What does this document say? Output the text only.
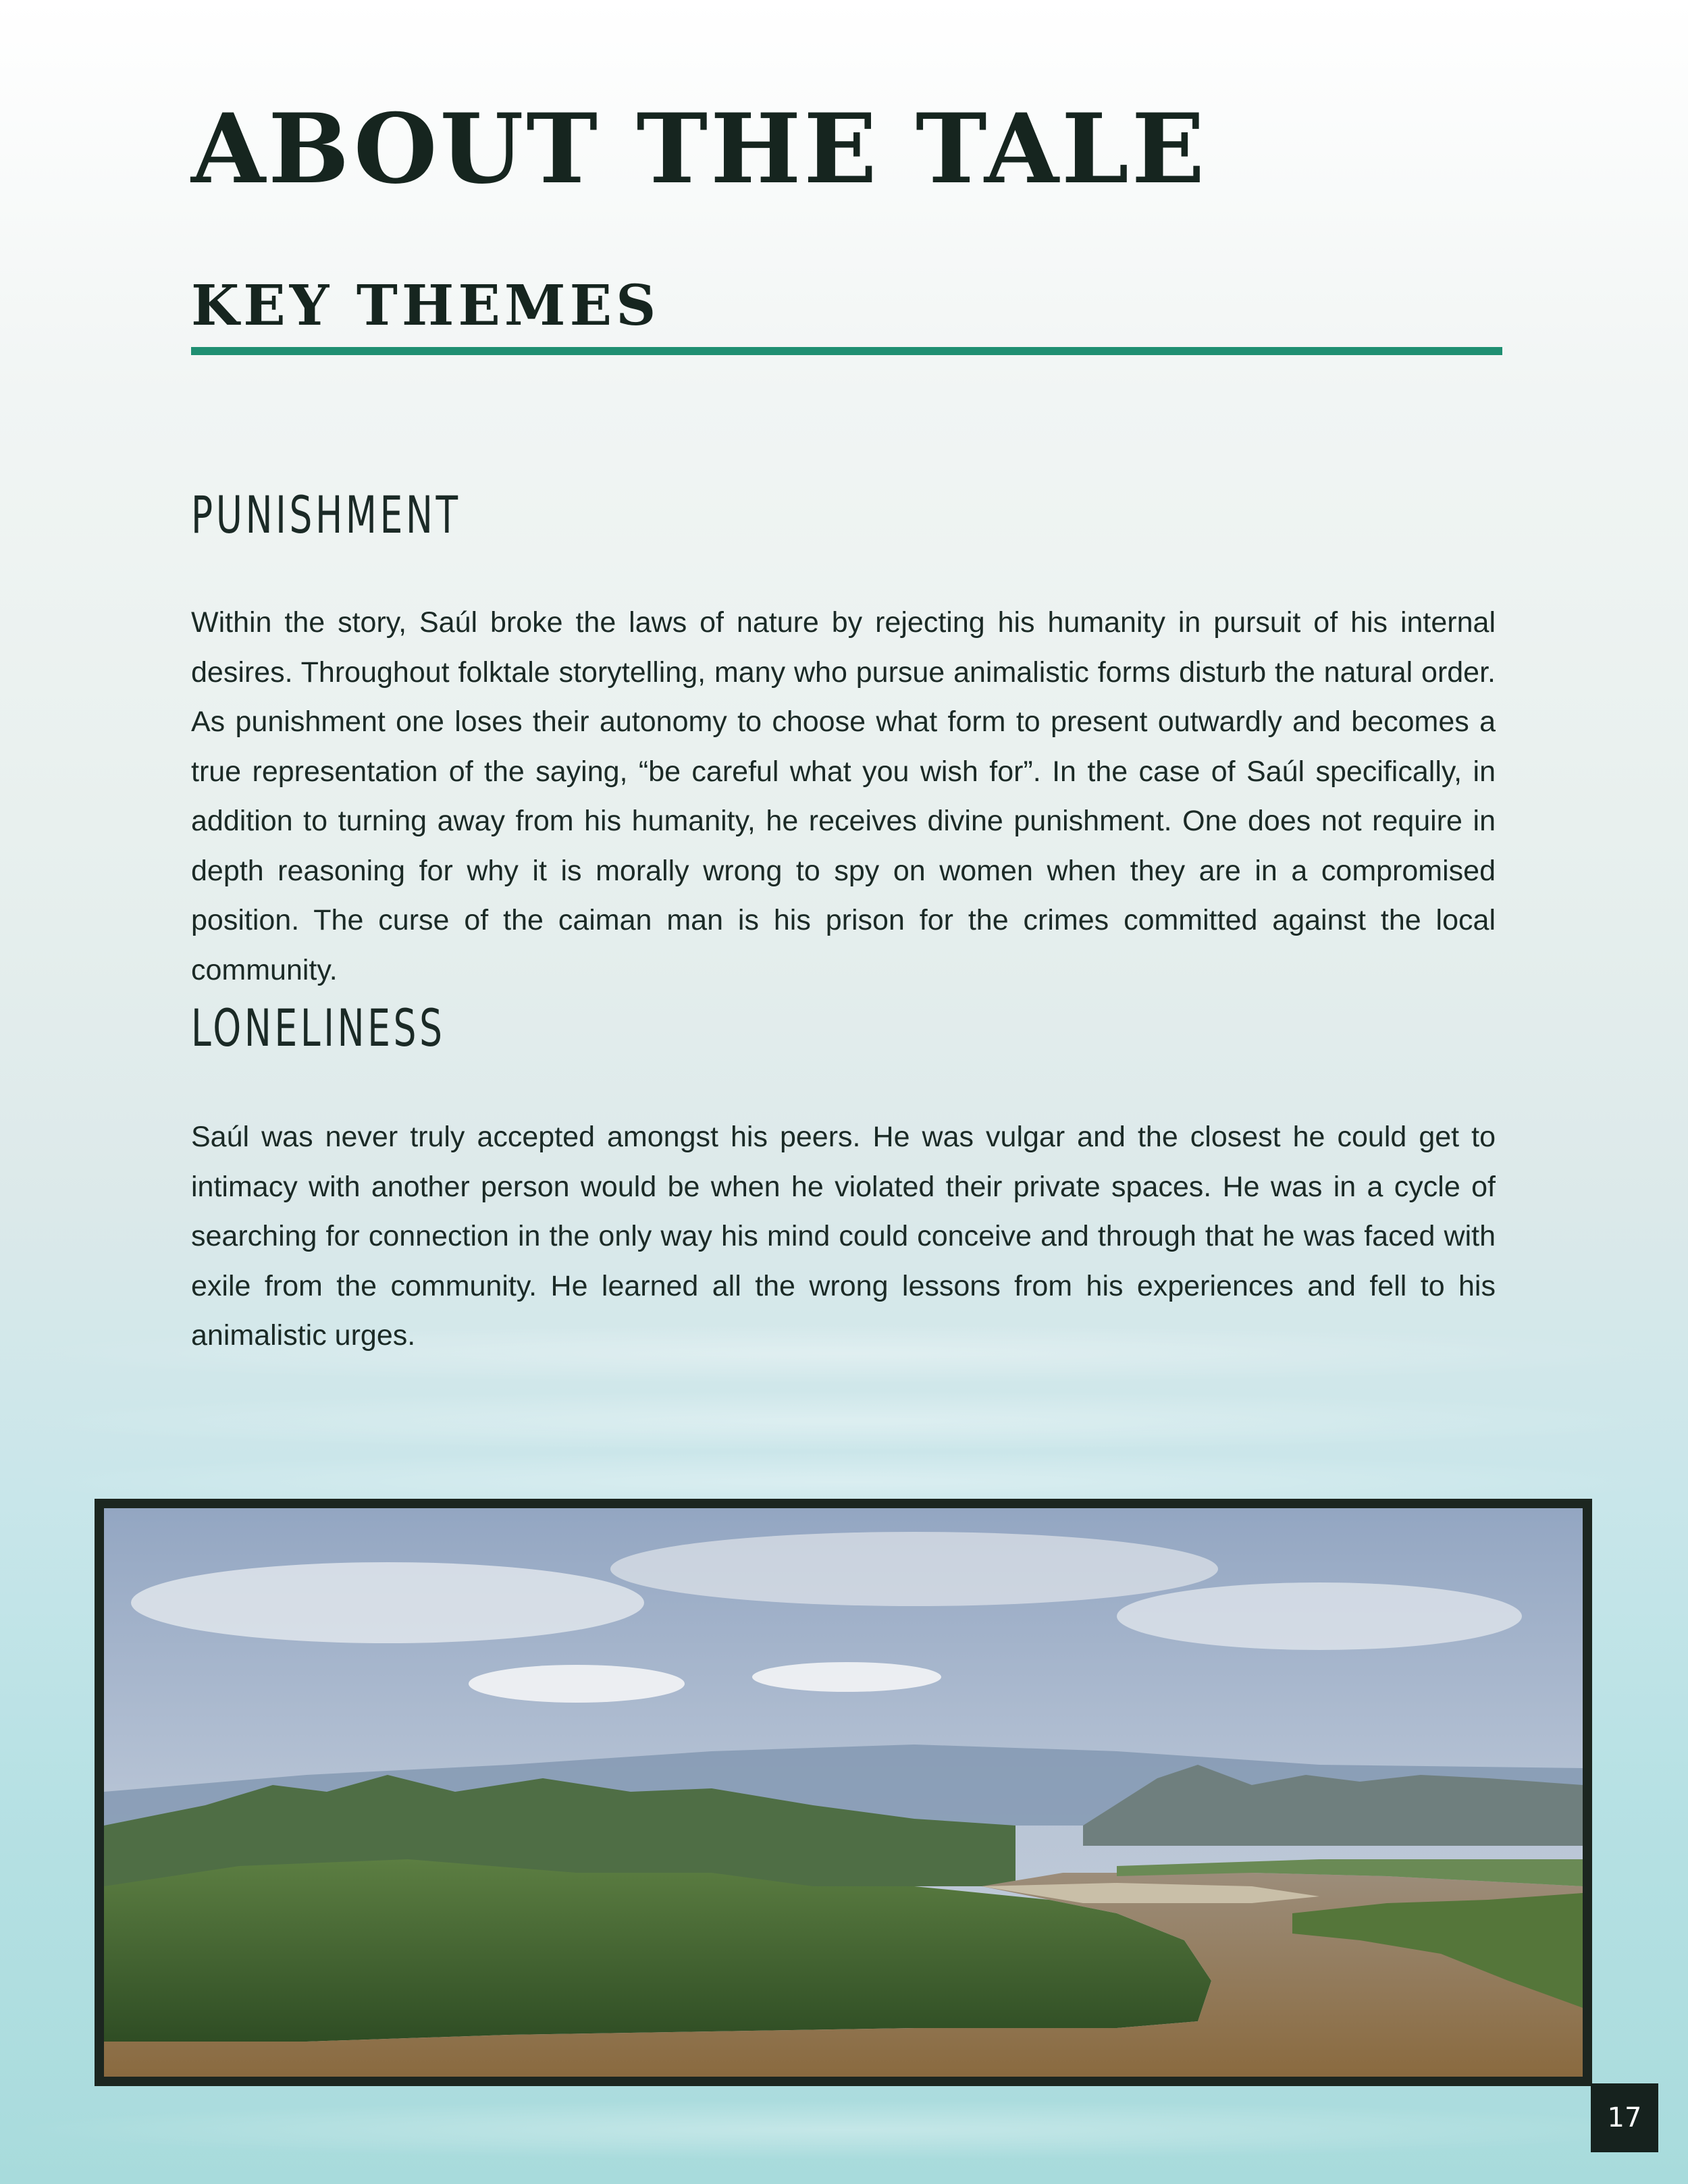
ABOUT THE TALE
KEY THEMES
PUNISHMENT

Within the story, Saúl broke the laws of nature by rejecting his humanity in pursuit of his internal desires. Throughout folktale storytelling, many who pursue animalistic forms disturb the natural order. As punishment one loses their autonomy to choose what form to present outwardly and becomes a true representation of the saying, “be careful what you wish for”. In the case of Saúl specifically, in addition to turning away from his humanity, he receives divine punishment. One does not require in depth reasoning for why it is morally wrong to spy on women when they are in a compromised position. The curse of the caiman man is his prison for the crimes committed against the local community.

LONELINESS

Saúl was never truly accepted amongst his peers. He was vulgar and the closest he could get to intimacy with another person would be when he violated their private spaces. He was in a cycle of searching for connection in the only way his mind could conceive and through that he was faced with exile from the community. He learned all the wrong lessons from his experiences and fell to his animalistic urges.

17
